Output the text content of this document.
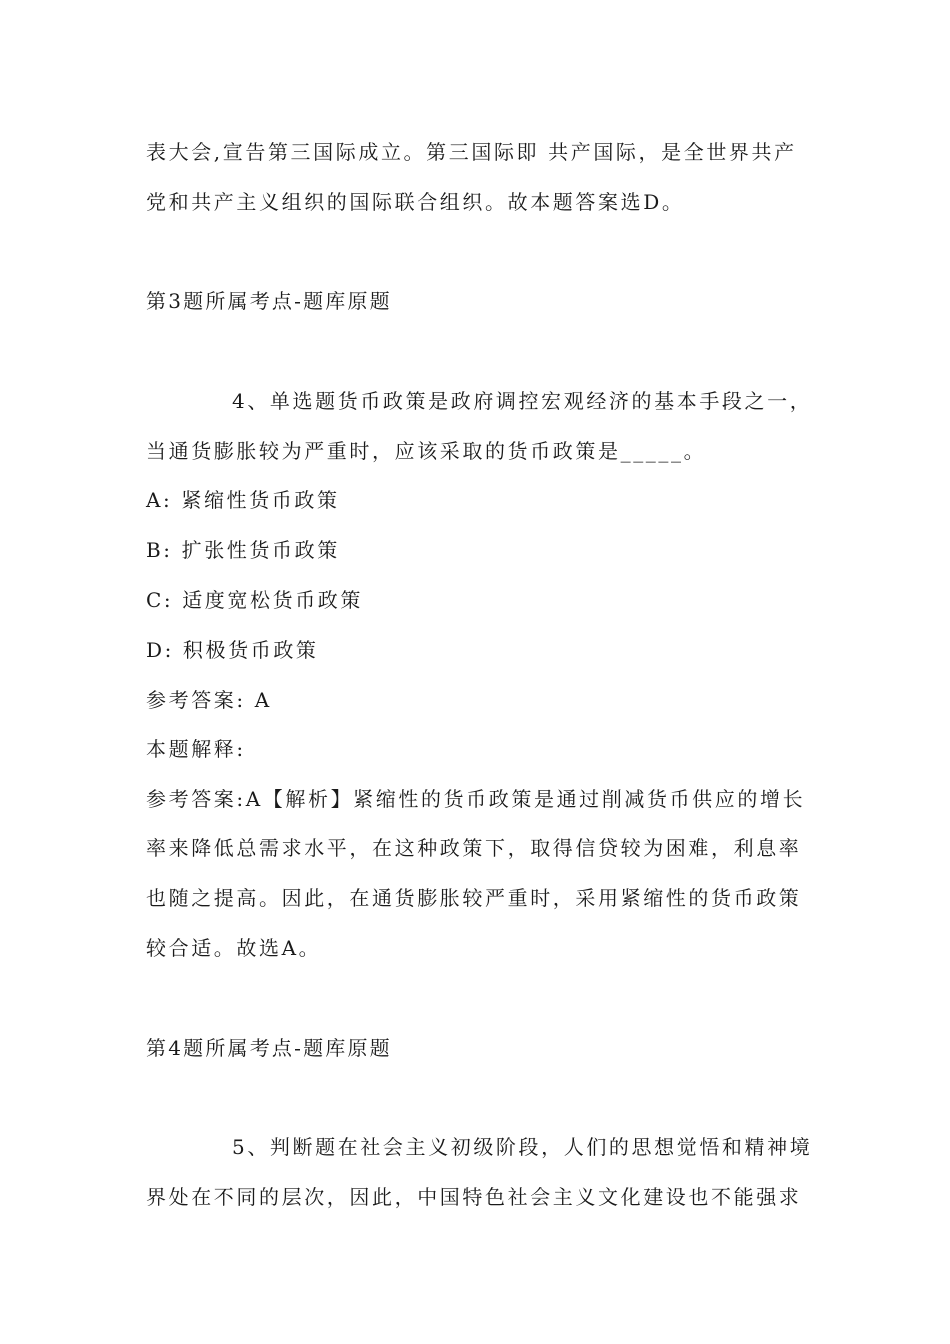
表大会,宣告第三国际成立。第三国际即 共产国际，是全世界共产
党和共产主义组织的国际联合组织。故本题答案选D。
第3题所属考点-题库原题
4、单选题货币政策是政府调控宏观经济的基本手段之一，
当通货膨胀较为严重时，应该采取的货币政策是_____。
A: 紧缩性货币政策
B: 扩张性货币政策
C: 适度宽松货币政策
D: 积极货币政策
参考答案: A
本题解释:
参考答案:A【解析】紧缩性的货币政策是通过削减货币供应的增长
率来降低总需求水平，在这种政策下，取得信贷较为困难，利息率
也随之提高。因此，在通货膨胀较严重时，采用紧缩性的货币政策
较合适。故选A。
第4题所属考点-题库原题
5、判断题在社会主义初级阶段，人们的思想觉悟和精神境
界处在不同的层次，因此，中国特色社会主义文化建设也不能强求
